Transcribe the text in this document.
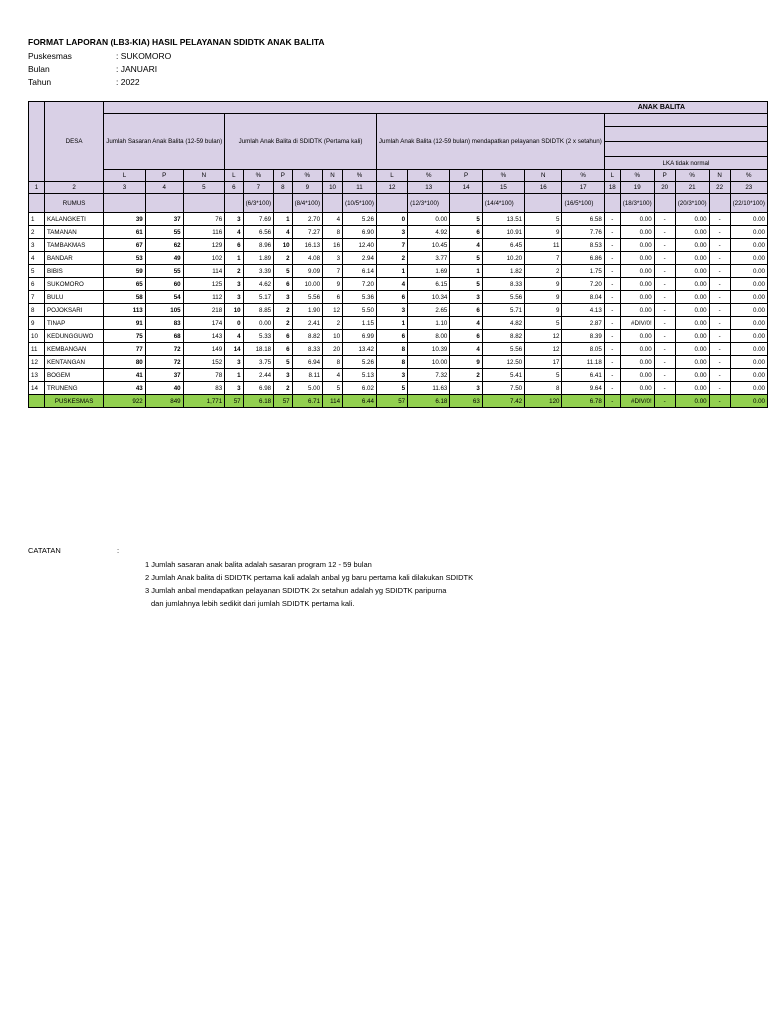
FORMAT LAPORAN (LB3-KIA) HASIL PELAYANAN SDIDTK ANAK BALITA
Puskesmas	: SUKOMORO
Bulan	: JANUARI
Tahun	: 2022
	DESA	ANAK BALITA																				
		Jumlah Sasaran Anak Balita (12-59 bulan)			Jumlah Anak Balita di SDIDTK (Pertama kali)						Jumlah Anak Balita (12-59 bulan) mendapatkan pelayanan SDIDTK (2 x setahun)											

																	LKA tidak normal					
		L	P	N	L	%	P	%	N	%	L	%	P	%	N	%	L	%	P	%	N	%
1	2	3	4	5	6	7	8	9	10	11	12	13	14	15	16	17	18	19	20	21	22	23
	RUMUS					(6/3*100)		(8/4*100)		(10/5*100)		(12/3*100)		(14/4*100)		(16/5*100)		(18/3*100)		(20/3*100)		(22/10*100)
1	KALANGKETI	39	37	76	3	7.69	1	2.70	4	5.26	0	0.00	5	13.51	5	6.58	-	0.00	-	0.00	-	0.00
2	TAMANAN	61	55	116	4	6.56	4	7.27	8	6.90	3	4.92	6	10.91	9	7.76	-	0.00	-	0.00	-	0.00
3	TAMBAKMAS	67	62	129	6	8.96	10	16.13	16	12.40	7	10.45	4	6.45	11	8.53	-	0.00	-	0.00	-	0.00
4	BANDAR	53	49	102	1	1.89	2	4.08	3	2.94	2	3.77	5	10.20	7	6.86	-	0.00	-	0.00	-	0.00
5	BIBIS	59	55	114	2	3.39	5	9.09	7	6.14	1	1.69	1	1.82	2	1.75	-	0.00	-	0.00	-	0.00
6	SUKOMORO	65	60	125	3	4.62	6	10.00	9	7.20	4	6.15	5	8.33	9	7.20	-	0.00	-	0.00	-	0.00
7	BULU	58	54	112	3	5.17	3	5.56	6	5.36	6	10.34	3	5.56	9	8.04	-	0.00	-	0.00	-	0.00
8	POJOKSARI	113	105	218	10	8.85	2	1.90	12	5.50	3	2.65	6	5.71	9	4.13	-	0.00	-	0.00	-	0.00
9	TINAP	91	83	174	0	0.00	2	2.41	2	1.15	1	1.10	4	4.82	5	2.87	-	#DIV/0!	-	0.00	-	0.00
10	KEDUNGGUWO	75	68	143	4	5.33	6	8.82	10	6.99	6	8.00	6	8.82	12	8.39	-	0.00	-	0.00	-	0.00
11	KEMBANGAN	77	72	149	14	18.18	6	8.33	20	13.42	8	10.39	4	5.56	12	8.05	-	0.00	-	0.00	-	0.00
12	KENTANGAN	80	72	152	3	3.75	5	6.94	8	5.26	8	10.00	9	12.50	17	11.18	-	0.00	-	0.00	-	0.00
13	BOGEM	41	37	78	1	2.44	3	8.11	4	5.13	3	7.32	2	5.41	5	6.41	-	0.00	-	0.00	-	0.00
14	TRUNENG	43	40	83	3	6.98	2	5.00	5	6.02	5	11.63	3	7.50	8	9.64	-	0.00	-	0.00	-	0.00
	PUSKESMAS	922	849	1,771	57	6.18	57	6.71	114	6.44	57	6.18	63	7.42	120	6.78	-	#DIV/0!	-	0.00	-	0.00
CATATAN	:
1 Jumlah sasaran anak balita adalah sasaran program 12 - 59 bulan
2 Jumlah Anak balita di SDIDTK pertama kali adalah anbal yg baru pertama kali dilakukan SDIDTK
3 Jumlah anbal mendapatkan pelayanan SDIDTK 2x setahun adalah yg SDIDTK paripurna
dan jumlahnya lebih sedikit dari jumlah SDIDTK pertama kali.
